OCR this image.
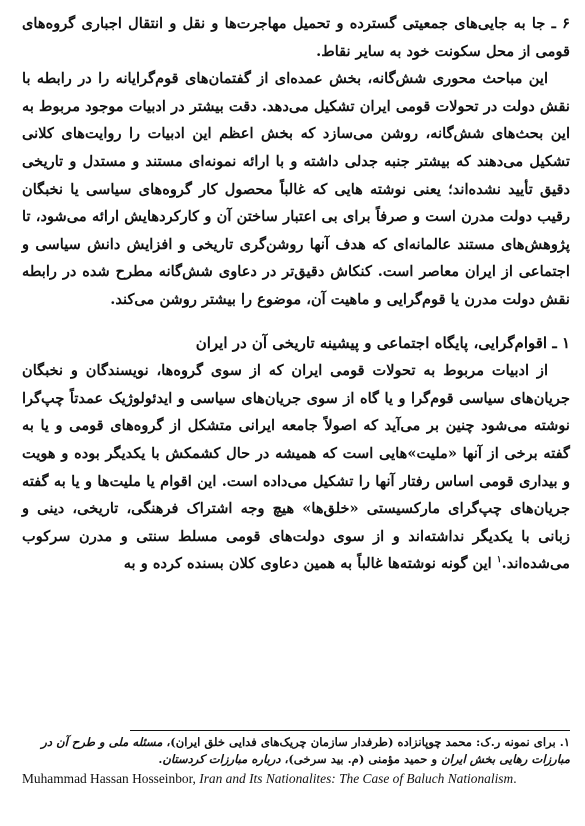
۶ ـ جا به جایی‌های جمعیتی گسترده و تحمیل مهاجرت‌ها و نقل و انتقال اجباری گروه‌های قومی از محل سکونت خود به سایر نقاط.

این مباحث محوری شش‌گانه، بخش عمده‌ای از گفتمان‌های قوم‌گرایانه را در رابطه با نقش دولت در تحولات قومی ایران تشکیل می‌دهد. دقت بیشتر در ادبیات موجود مربوط به این بحث‌های شش‌گانه، روشن می‌سازد که بخش اعظم این ادبیات را روایت‌های کلانی تشکیل می‌دهند که بیشتر جنبه جدلی داشته و با ارائه نمونه‌ای مستند و مستدل و تاریخی دقیق تأیید نشده‌اند؛ یعنی نوشته هایی که غالباً محصول کار گروه‌های سیاسی یا نخبگان رقیب دولت مدرن است و صرفاً برای بی اعتبار ساختن آن و کارکردهایش ارائه می‌شود، تا پژوهش‌های مستند عالمانه‌ای که هدف آنها روشن‌گری تاریخی و افزایش دانش سیاسی و اجتماعی از ایران معاصر است. کنکاش دقیق‌تر در دعاوی شش‌گانه مطرح شده در رابطه نقش دولت مدرن یا قوم‌گرایی و ماهیت آن، موضوع را بیشتر روشن می‌کند.

۱ ـ اقوام‌گرایی، پایگاه اجتماعی و پیشینه تاریخی آن در ایران

از ادبیات مربوط به تحولات قومی ایران که از سوی گروه‌ها، نویسندگان و نخبگان جریان‌های سیاسی قوم‌گرا و یا گاه از سوی جریان‌های سیاسی و ایدئولوژیک عمدتاً چپ‌گرا نوشته می‌شود چنین بر می‌آید که اصولاً جامعه ایرانی متشکل از گروه‌های قومی و یا به گفته برخی از آنها «ملیت»هایی است که همیشه در حال کشمکش با یکدیگر بوده و هویت و بیداری قومی اساس رفتار آنها را تشکیل می‌داده است. این اقوام یا ملیت‌ها و یا به گفته جریان‌های چپ‌گرای مارکسیستی «خلق‌ها» هیچ وجه اشتراک فرهنگی، تاریخی، دینی و زبانی با یکدیگر نداشته‌اند و از سوی دولت‌های قومی مسلط سنتی و مدرن سرکوب می‌شده‌اند.$^۱$ این گونه نوشته‌ها غالباً به همین دعاوی کلان بسنده کرده و به

۱. برای نمونه ر.ک: محمد چوپانزاده (طرفدار سازمان چریک‌های فدایی خلق ایران)، مسئله ملی و طرح آن در مبارزات رهایی بخش ایران و حمید مؤمنی (م. بید سرخی)، درباره مبارزات کردستان.

Muhammad Hassan Hosseinbor, Iran and Its Nationalites: The Case of Baluch Nationalism.
